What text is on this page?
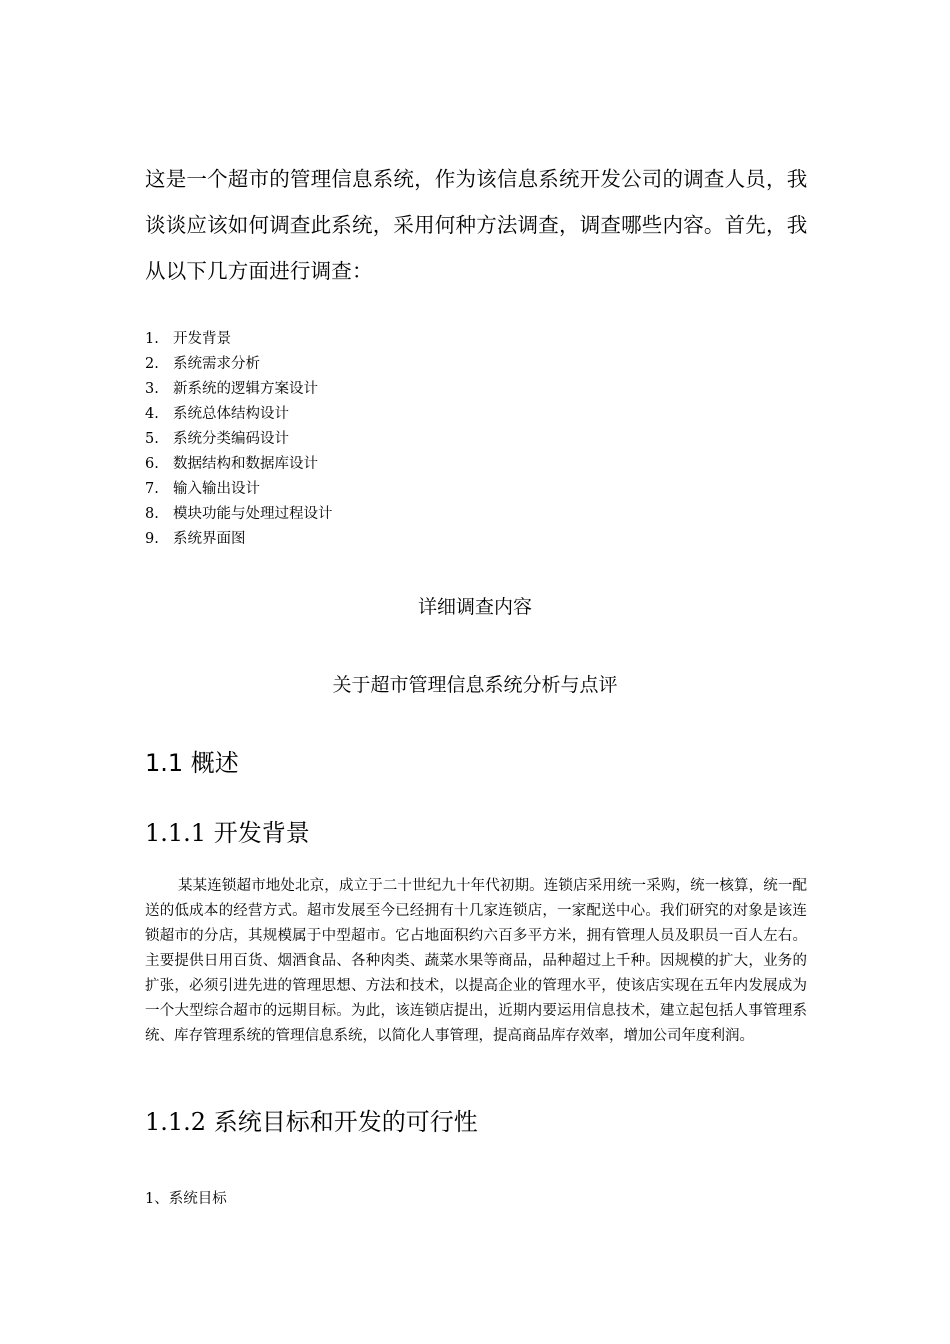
这是一个超市的管理信息系统，作为该信息系统开发公司的调查人员，我谈谈应该如何调查此系统，采用何种方法调查，调查哪些内容。首先，我从以下几方面进行调查：

1. 开发背景
2. 系统需求分析
3. 新系统的逻辑方案设计
4. 系统总体结构设计
5. 系统分类编码设计
6. 数据结构和数据库设计
7. 输入输出设计
8. 模块功能与处理过程设计
9. 系统界面图
详细调查内容
关于超市管理信息系统分析与点评
1.1 概述
1.1.1 开发背景

某某连锁超市地处北京，成立于二十世纪九十年代初期。连锁店采用统一采购，统一核算，统一配送的低成本的经营方式。超市发展至今已经拥有十几家连锁店，一家配送中心。我们研究的对象是该连锁超市的分店，其规模属于中型超市。它占地面积约六百多平方米，拥有管理人员及职员一百人左右。主要提供日用百货、烟酒食品、各种肉类、蔬菜水果等商品，品种超过上千种。因规模的扩大，业务的扩张，必须引进先进的管理思想、方法和技术，以提高企业的管理水平，使该店实现在五年内发展成为一个大型综合超市的远期目标。为此，该连锁店提出，近期内要运用信息技术，建立起包括人事管理系统、库存管理系统的管理信息系统，以简化人事管理，提高商品库存效率，增加公司年度利润。

1.1.2 系统目标和开发的可行性

1、系统目标
